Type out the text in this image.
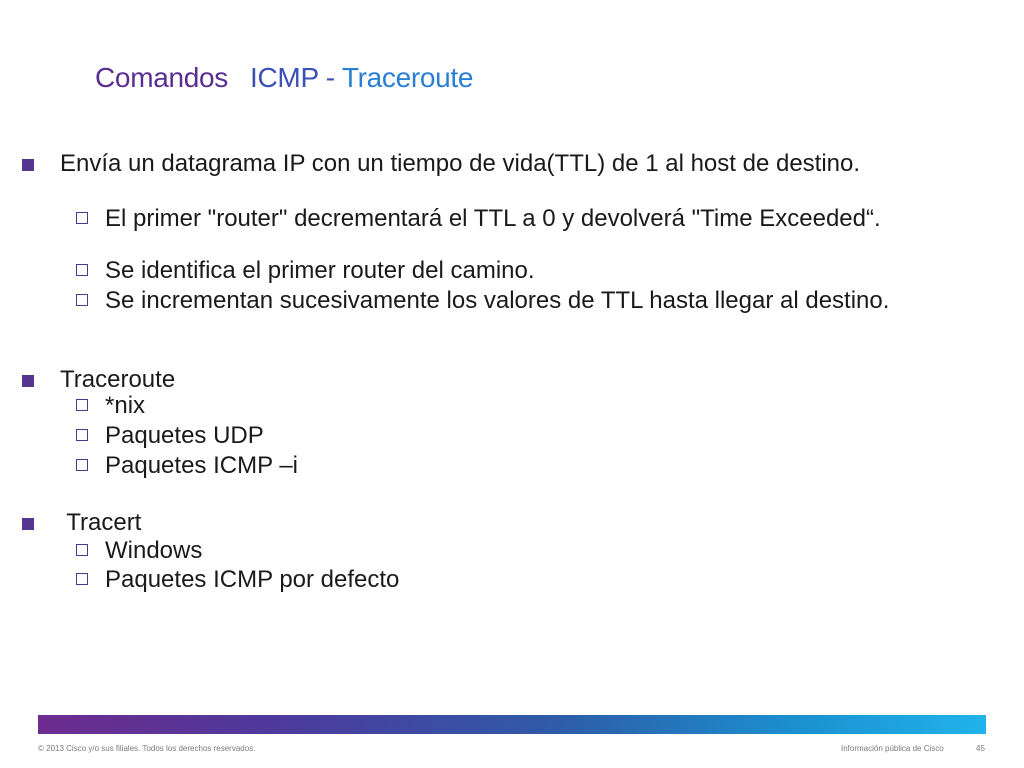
Comandos ICMP - Traceroute
Envía un datagrama IP con un tiempo de vida(TTL) de 1 al host de destino.
El primer "router" decrementará el TTL a 0 y devolverá "Time Exceeded“.
Se identifica el primer router del camino.
Se incrementan sucesivamente los valores de TTL hasta llegar al destino.
Traceroute
*nix
Paquetes UDP
Paquetes ICMP –i
Tracert
Windows
Paquetes ICMP por defecto
© 2013 Cisco y/o sus filiales. Todos los derechos reservados.	Información pública de Cisco	45
